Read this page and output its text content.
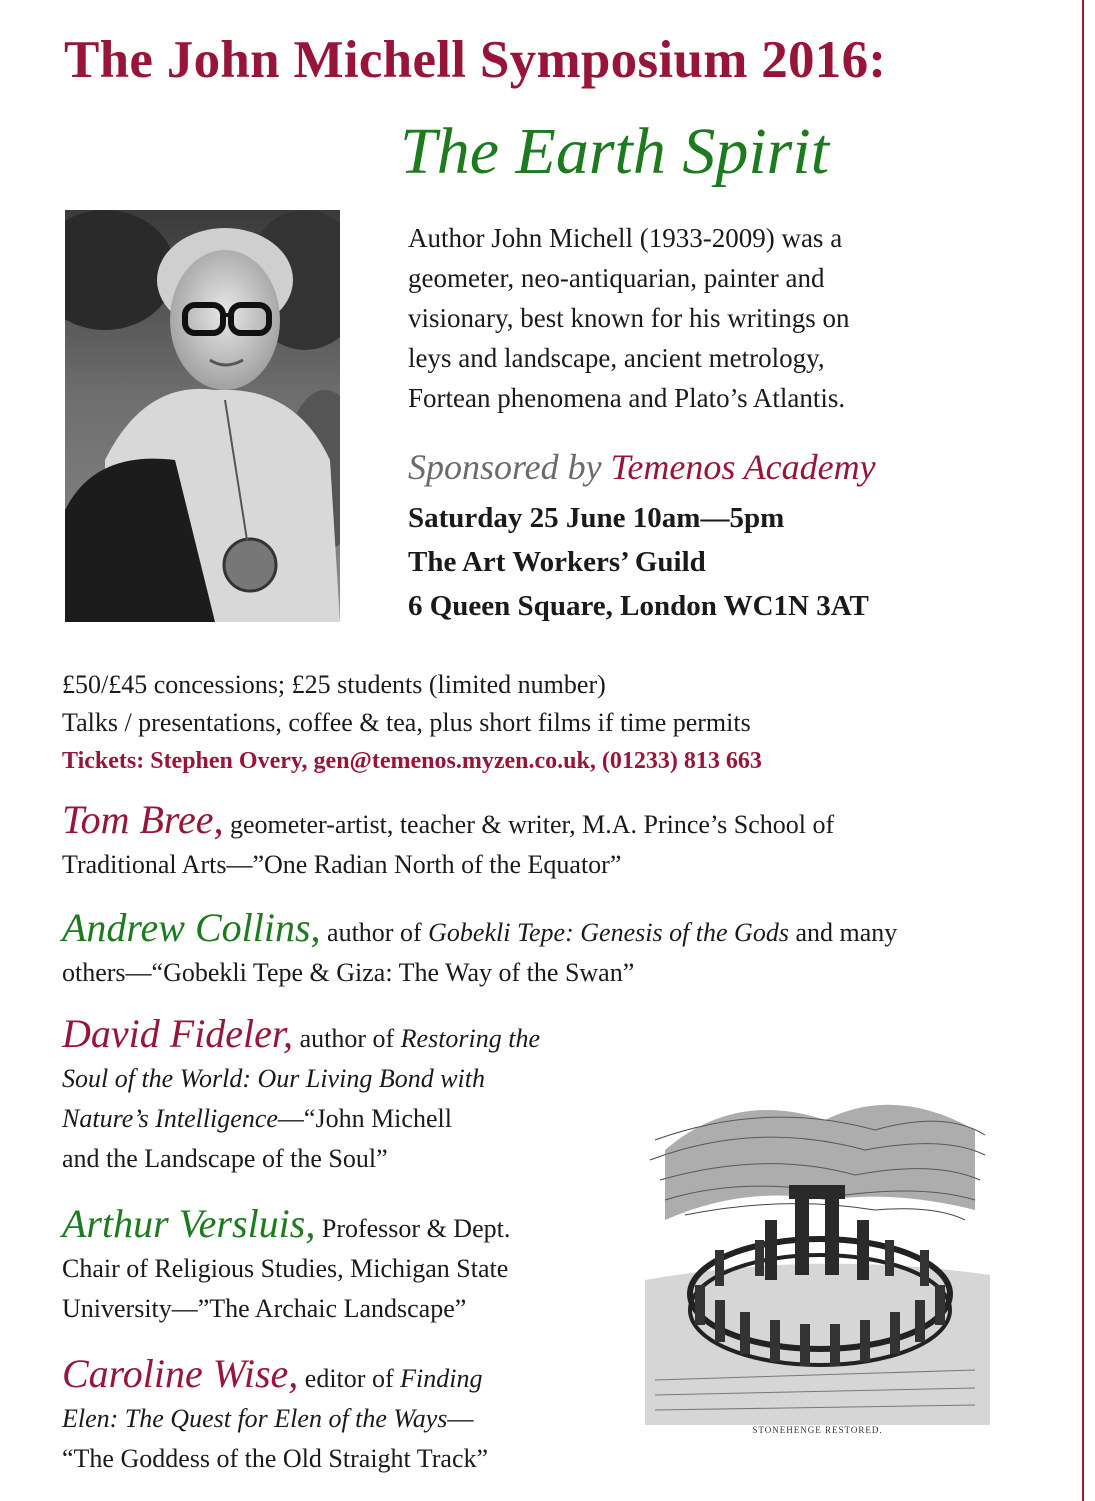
The John Michell Symposium 2016:
The Earth Spirit
Author John Michell (1933-2009) was a
geometer, neo-antiquarian, painter and
visionary, best known for his writings on
leys and landscape, ancient metrology,
Fortean phenomena and Plato’s Atlantis.

Sponsored by Temenos Academy

Saturday 25 June 10am—5pm

The Art Workers’ Guild

6 Queen Square, London WC1N 3AT

£50/£45 concessions; £25 students (limited number)

Talks / presentations, coffee & tea, plus short films if time permits

Tickets: Stephen Overy, gen@temenos.myzen.co.uk, (01233) 813 663

Tom Bree, geometer-artist, teacher & writer, M.A. Prince’s School of
Traditional Arts—”One Radian North of the Equator”
Andrew Collins, author of Gobekli Tepe: Genesis of the Gods and many
others—“Gobekli Tepe & Giza: The Way of the Swan”
David Fideler, author of Restoring the
Soul of the World: Our Living Bond with
Nature’s Intelligence—“John Michell
and the Landscape of the Soul”
Arthur Versluis, Professor & Dept.
Chair of Religious Studies, Michigan State
University—”The Archaic Landscape”
Caroline Wise, editor of Finding
Elen: The Quest for Elen of the Ways—
“The Goddess of the Old Straight Track”
STONEHENGE RESTORED.
